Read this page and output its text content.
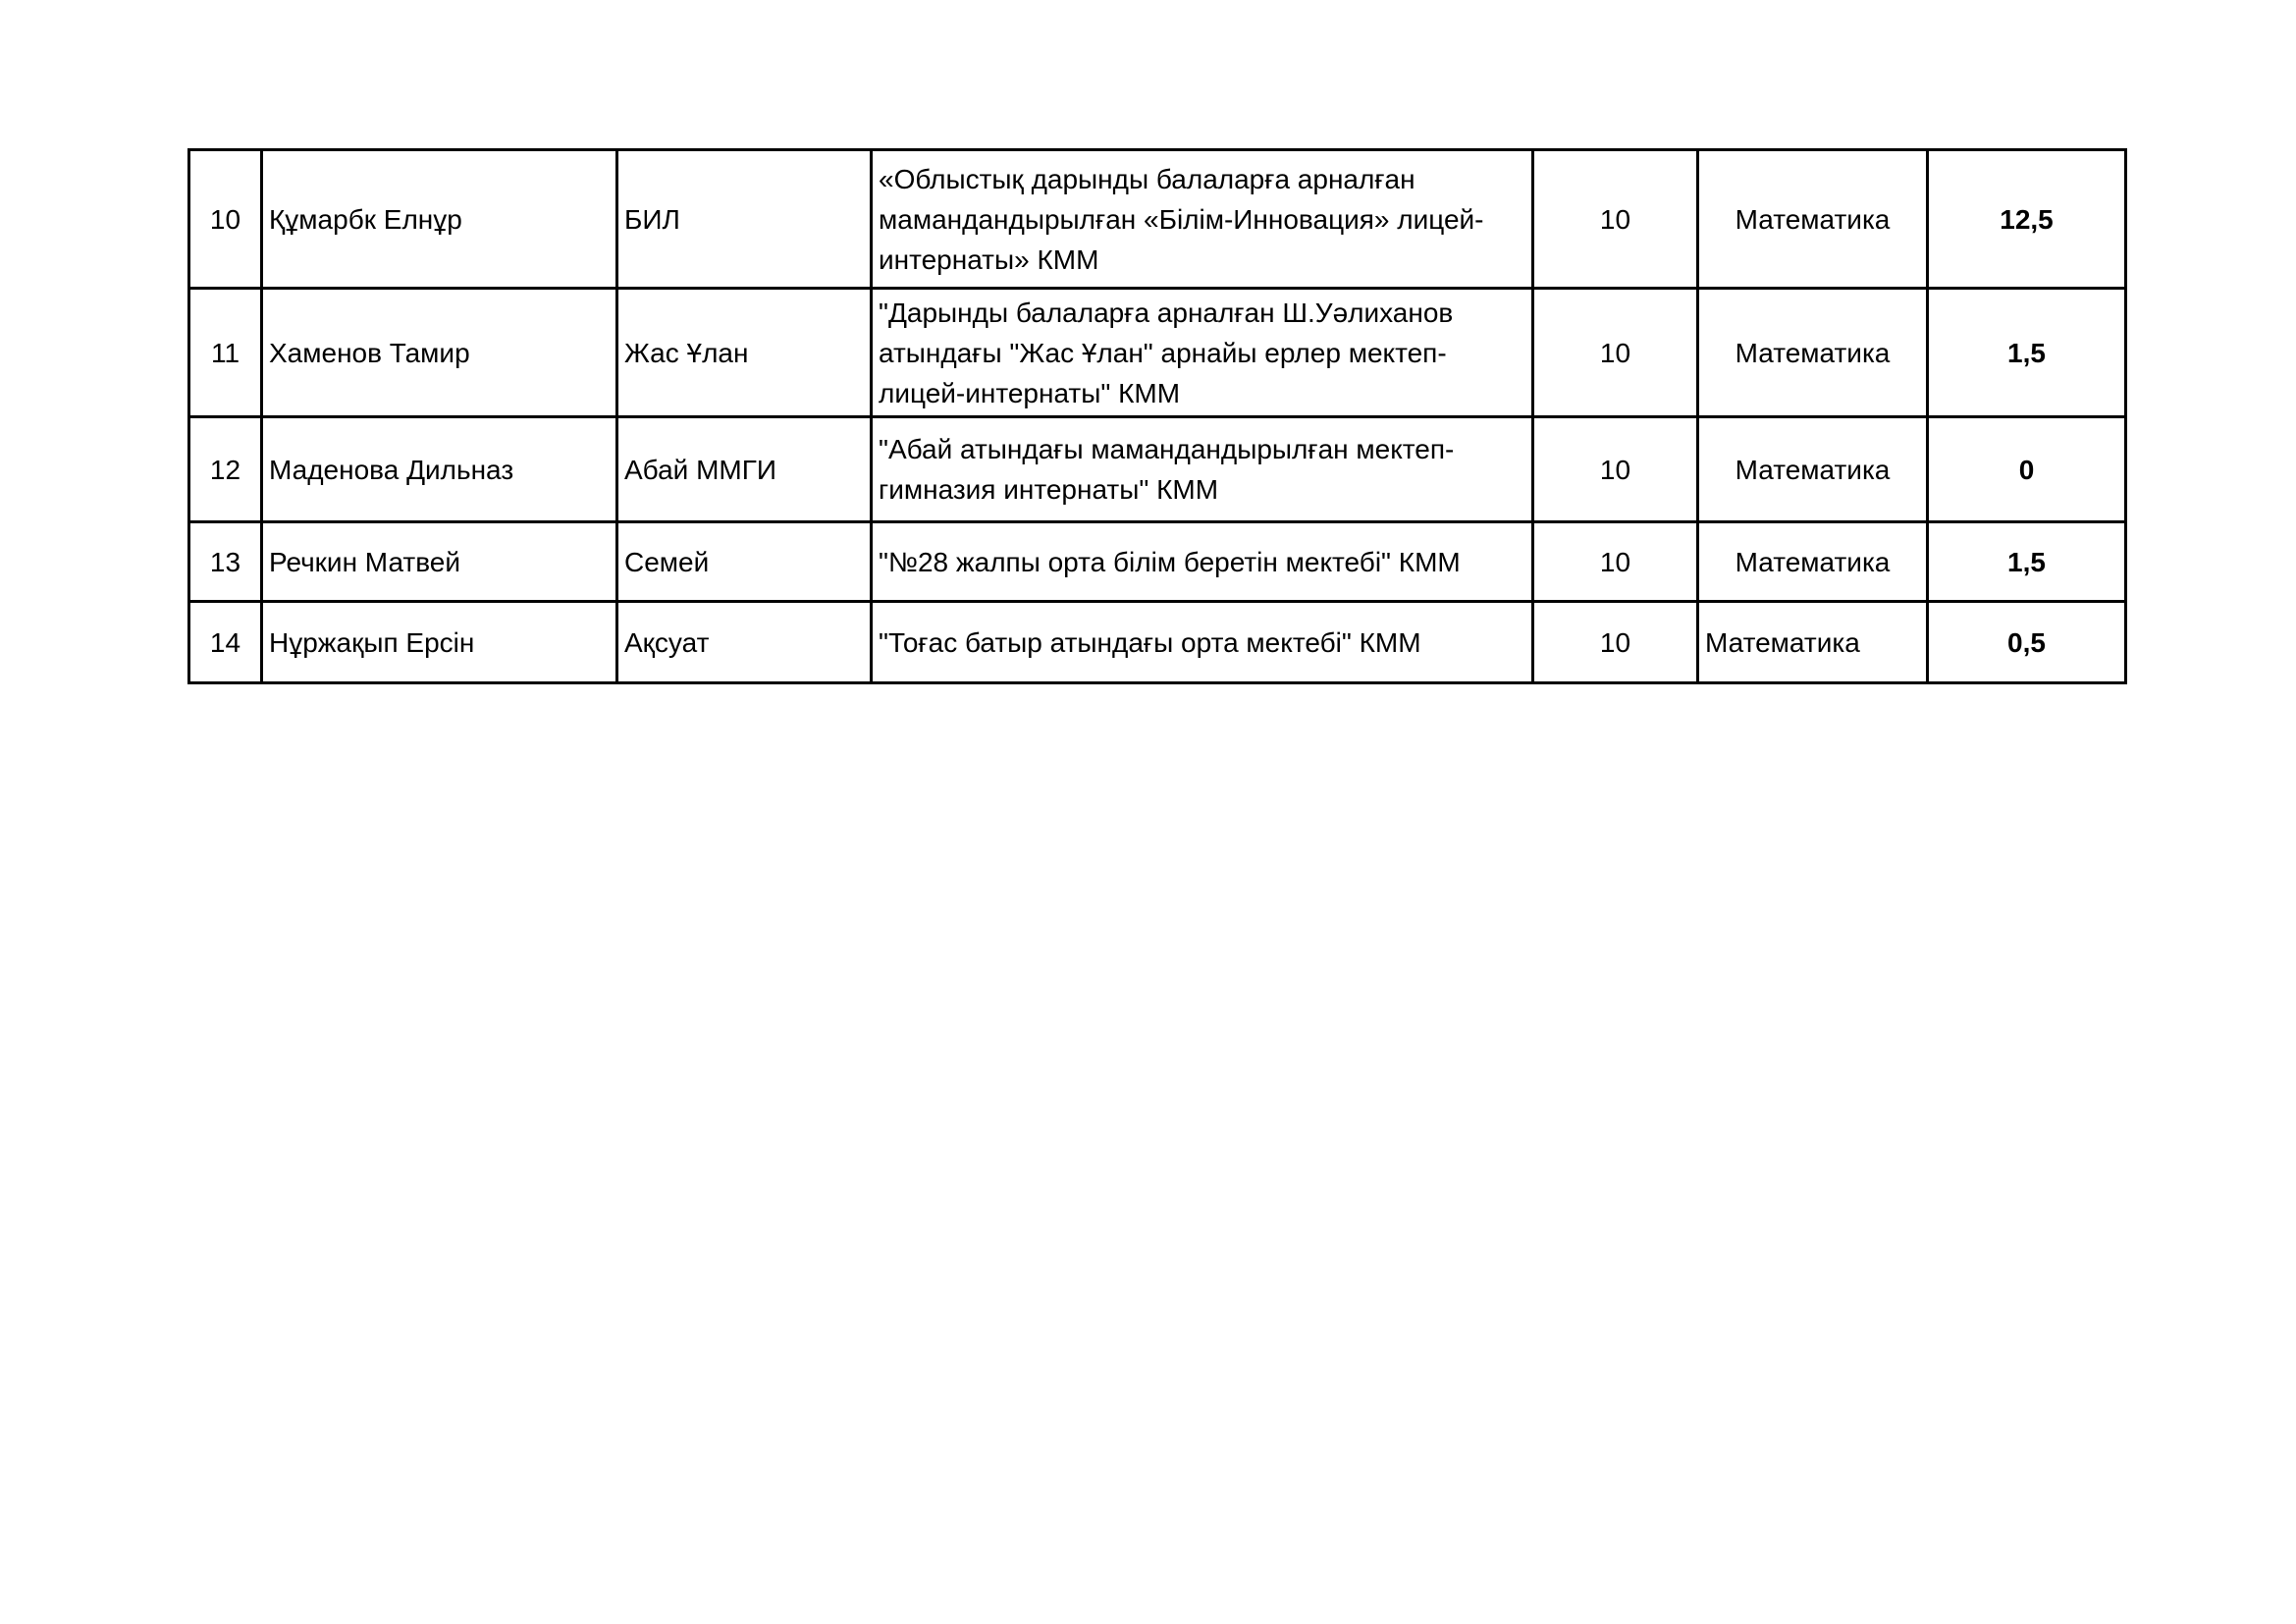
10	Құмарбк Елнұр	БИЛ	«Облыстық дарынды балаларға арналған мамандандырылған «Білім-Инновация» лицей-интернаты» КММ	10	Математика	12,5
11	Хаменов Тамир	Жас Ұлан	"Дарынды балаларға арналған Ш.Уәлиханов атындағы "Жас Ұлан" арнайы ерлер мектеп-лицей-интернаты" КММ	10	Математика	1,5
12	Маденова Дильназ	Абай ММГИ	"Абай атындағы мамандандырылған мектеп-гимназия интернаты" КММ	10	Математика	0
13	Речкин Матвей	Семей	"№28 жалпы орта білім беретін мектебі" КММ	10	Математика	1,5
14	Нұржақып Ерсін	Ақсуат	"Тоғас батыр атындағы орта мектебі" КММ	10	Математика	0,5
